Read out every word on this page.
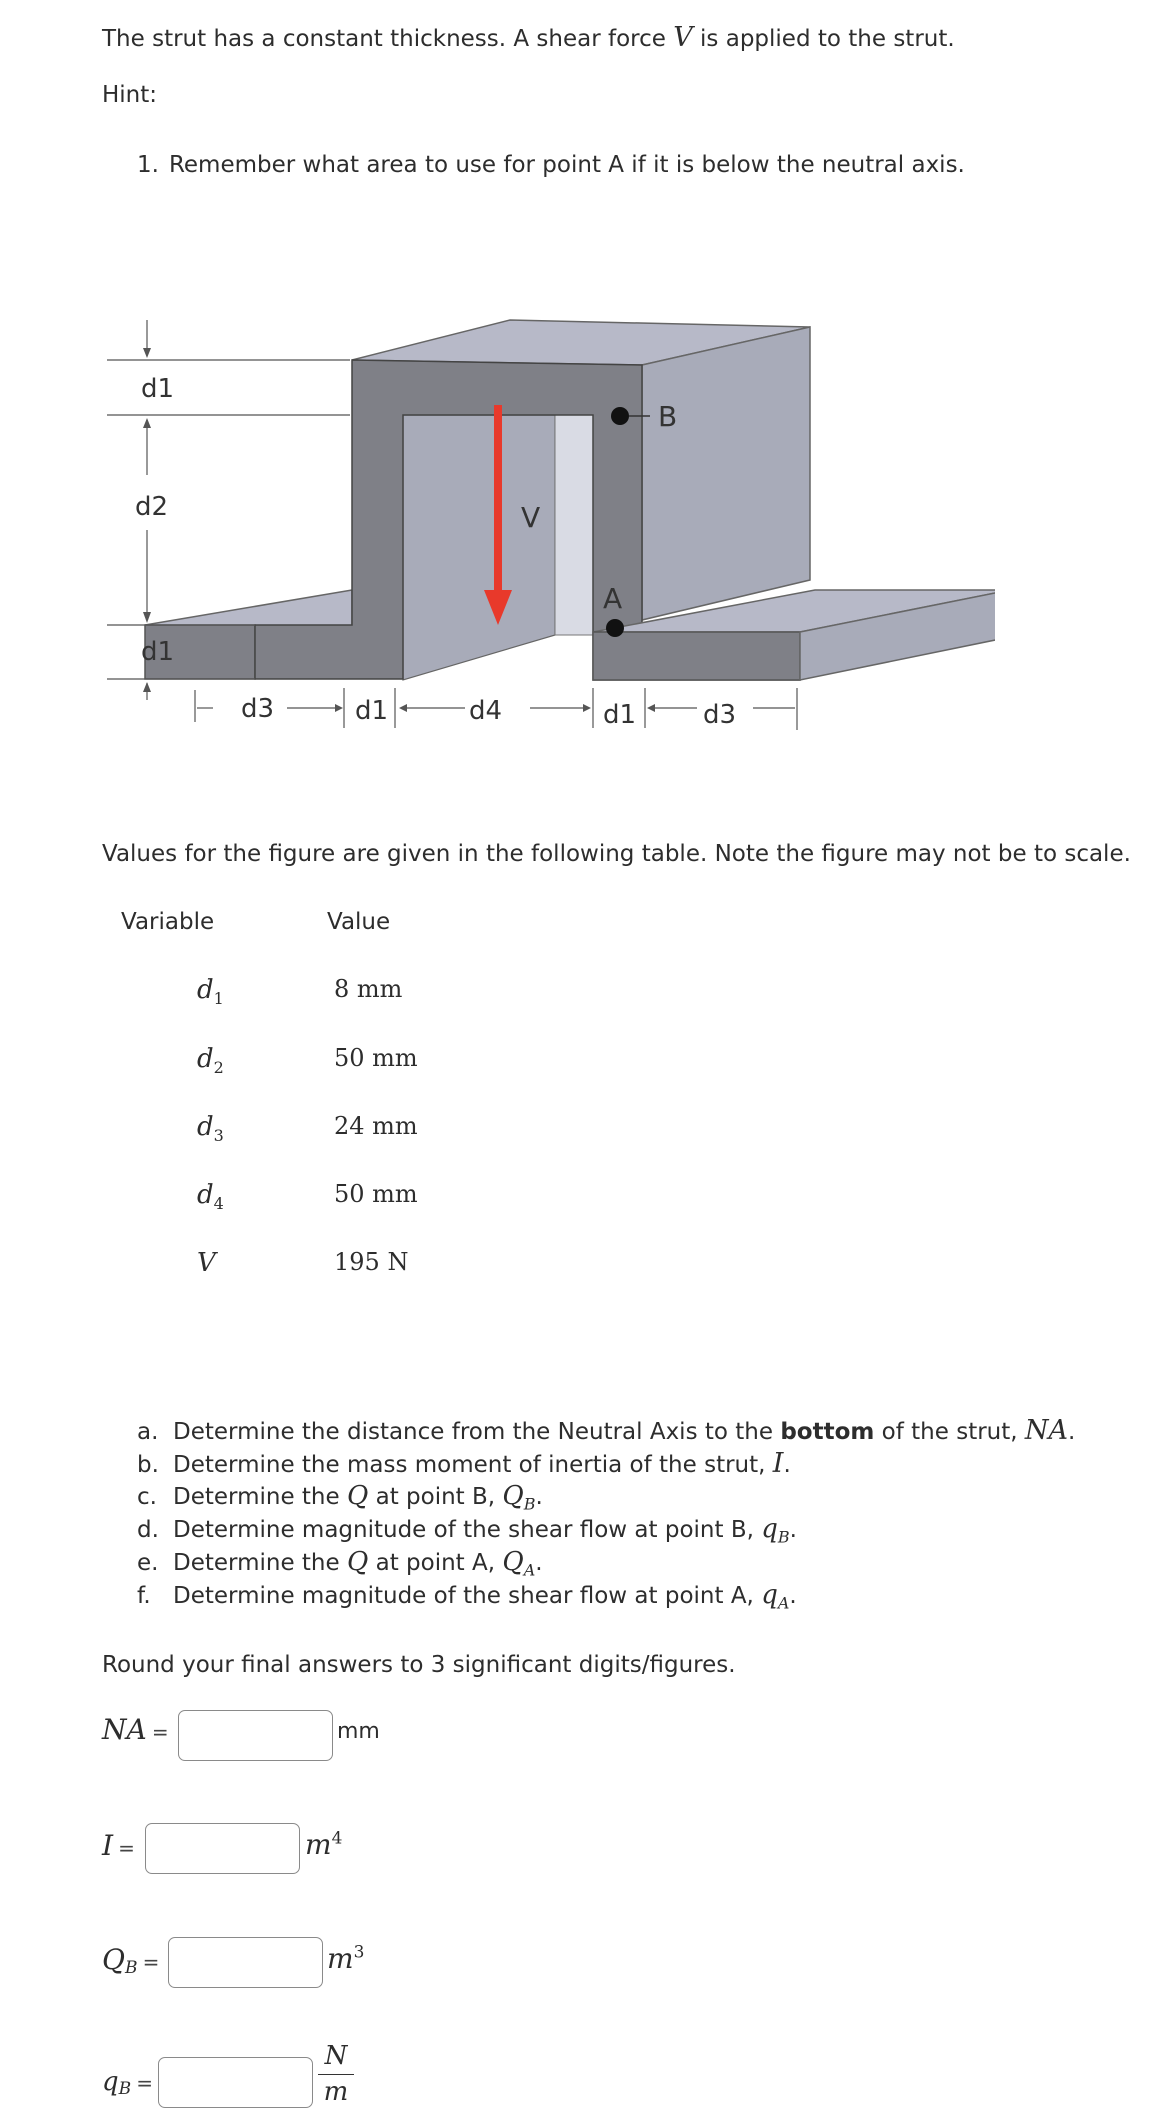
The strut has a constant thickness. A shear force V is applied to the strut.
Hint:
1. Remember what area to use for point A if it is below the neutral axis.
V
B
A
d1
d2
d1
d3	d1	d4	d1	d3
Values for the figure are given in the following table. Note the figure may not be to scale.
Variable	Value
$d_1$	8 mm
$d_2$	50 mm
$d_3$	24 mm
$d_4$	50 mm
V	195 N
a. Determine the distance from the Neutral Axis to the bottom of the strut, NA.
b. Determine the mass moment of inertia of the strut, I.
c. Determine the Q at point B, $Q_B$.
d. Determine magnitude of the shear flow at point B, $q_B$.
e. Determine the Q at point A, $Q_A$.
f. Determine magnitude of the shear flow at point A, $q_A$.
Round your final answers to 3 significant digits/figures.
NA =	mm
I =	$m^4$
$Q_B$ =	$m^3$
$q_B$ =
N
m
